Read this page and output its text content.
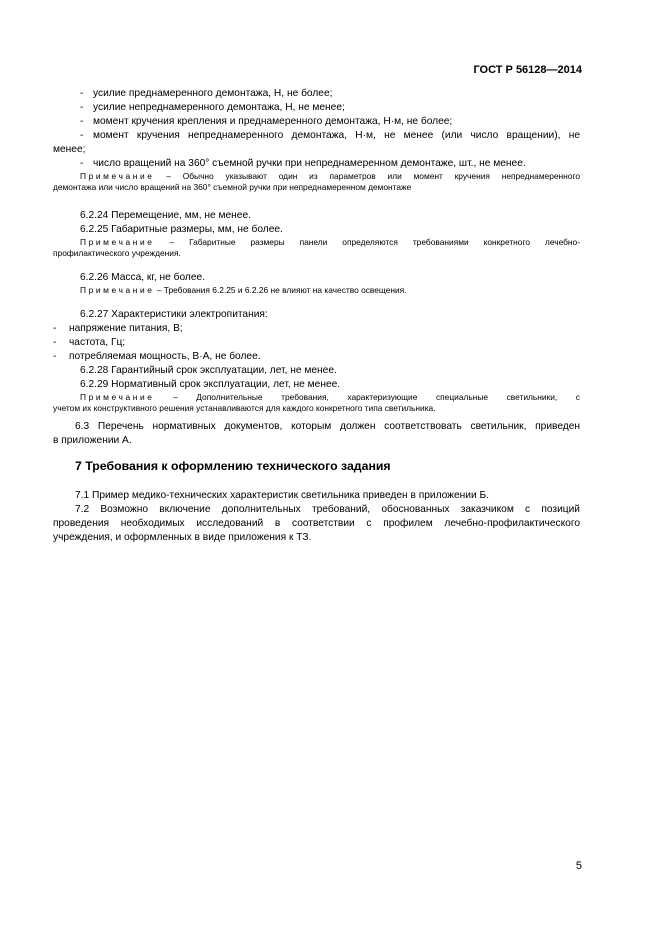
ГОСТ Р 56128—2014
- усилие преднамеренного демонтажа, Н, не более;
- усилие непреднамеренного демонтажа, Н, не менее;
- момент кручения крепления и преднамеренного демонтажа, Н·м, не более;
- момент кручения непреднамеренного демонтажа, Н·м, не менее (или число вращении), не
менее;
- число вращений на 360° съемной ручки при непреднамеренном демонтаже, шт., не менее.
Примечание – Обычно указывают один из параметров или момент кручения непреднамеренного
демонтажа или число вращений на 360° съемной ручки при непреднамеренном демонтаже
6.2.24 Перемещение, мм, не менее.
6.2.25 Габаритные размеры, мм, не более.
Примечание – Габаритные размеры панели определяются требованиями конкретного лечебно-
профилактического учреждения.
6.2.26 Масса, кг, не более.
Примечание – Требования 6.2.25 и 6.2.26 не влияют на качество освещения.
6.2.27 Характеристики электропитания:
- напряжение питания, В;
- частота, Гц;
- потребляемая мощность, В·А, не более.
6.2.28 Гарантийный срок эксплуатации, лет, не менее.
6.2.29 Нормативный срок эксплуатации, лет, не менее.
Примечание – Дополнительные требования, характеризующие специальные светильники, с
учетом их конструктивного решения устанавливаются для каждого конкретного типа светильника.
6.3 Перечень нормативных документов, которым должен соответствовать светильник, приведен
в приложении А.
7 Требования к оформлению технического задания
7.1 Пример медико-технических характеристик светильника приведен в приложении Б.
7.2 Возможно включение дополнительных требований, обоснованных заказчиком с позиций
проведения необходимых исследований в соответствии с профилем лечебно-профилактического
учреждения, и оформленных в виде приложения к ТЗ.
5
